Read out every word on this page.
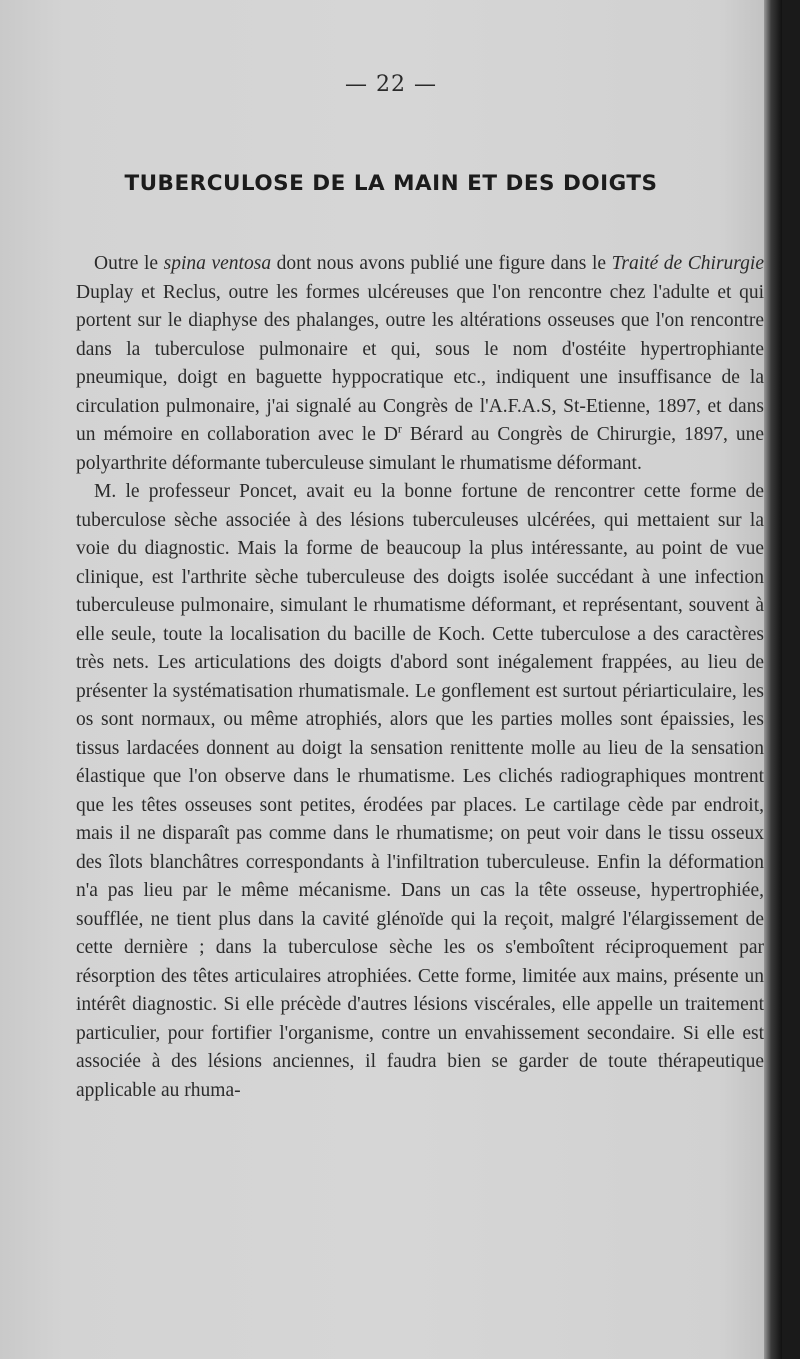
— 22 —
TUBERCULOSE DE LA MAIN ET DES DOIGTS

Outre le spina ventosa dont nous avons publié une figure dans le Traité de Chirurgie Duplay et Reclus, outre les formes ulcéreuses que l'on rencontre chez l'adulte et qui portent sur le diaphyse des phalanges, outre les altérations osseuses que l'on rencontre dans la tuberculose pulmonaire et qui, sous le nom d'ostéite hypertrophiante pneumique, doigt en baguette hyppocratique etc., indiquent une insuffisance de la circulation pulmonaire, j'ai signalé au Congrès de l'A.F.A.S, St-Etienne, 1897, et dans un mémoire en collaboration avec le $D^r$ Bérard au Congrès de Chirurgie, 1897, une polyarthrite déformante tuberculeuse simulant le rhumatisme déformant.

M. le professeur Poncet, avait eu la bonne fortune de rencontrer cette forme de tuberculose sèche associée à des lésions tuberculeuses ulcérées, qui mettaient sur la voie du diagnostic. Mais la forme de beaucoup la plus intéressante, au point de vue clinique, est l'arthrite sèche tuberculeuse des doigts isolée succédant à une infection tuberculeuse pulmonaire, simulant le rhumatisme déformant, et représentant, souvent à elle seule, toute la localisation du bacille de Koch. Cette tuberculose a des caractères très nets. Les articulations des doigts d'abord sont inégalement frappées, au lieu de présenter la systématisation rhumatismale. Le gonflement est surtout périarticulaire, les os sont normaux, ou même atrophiés, alors que les parties molles sont épaissies, les tissus lardacées donnent au doigt la sensation renittente molle au lieu de la sensation élastique que l'on observe dans le rhumatisme. Les clichés radiographiques montrent que les têtes osseuses sont petites, érodées par places. Le cartilage cède par endroit, mais il ne disparaît pas comme dans le rhumatisme; on peut voir dans le tissu osseux des îlots blanchâtres correspondants à l'infiltration tuberculeuse. Enfin la déformation n'a pas lieu par le même mécanisme. Dans un cas la tête osseuse, hypertrophiée, soufflée, ne tient plus dans la cavité glénoïde qui la reçoit, malgré l'élargissement de cette dernière ; dans la tuberculose sèche les os s'emboîtent réciproquement par résorption des têtes articulaires atrophiées. Cette forme, limitée aux mains, présente un intérêt diagnostic. Si elle précède d'autres lésions viscérales, elle appelle un traitement particulier, pour fortifier l'organisme, contre un envahissement secondaire. Si elle est associée à des lésions anciennes, il faudra bien se garder de toute thérapeutique applicable au rhuma-
